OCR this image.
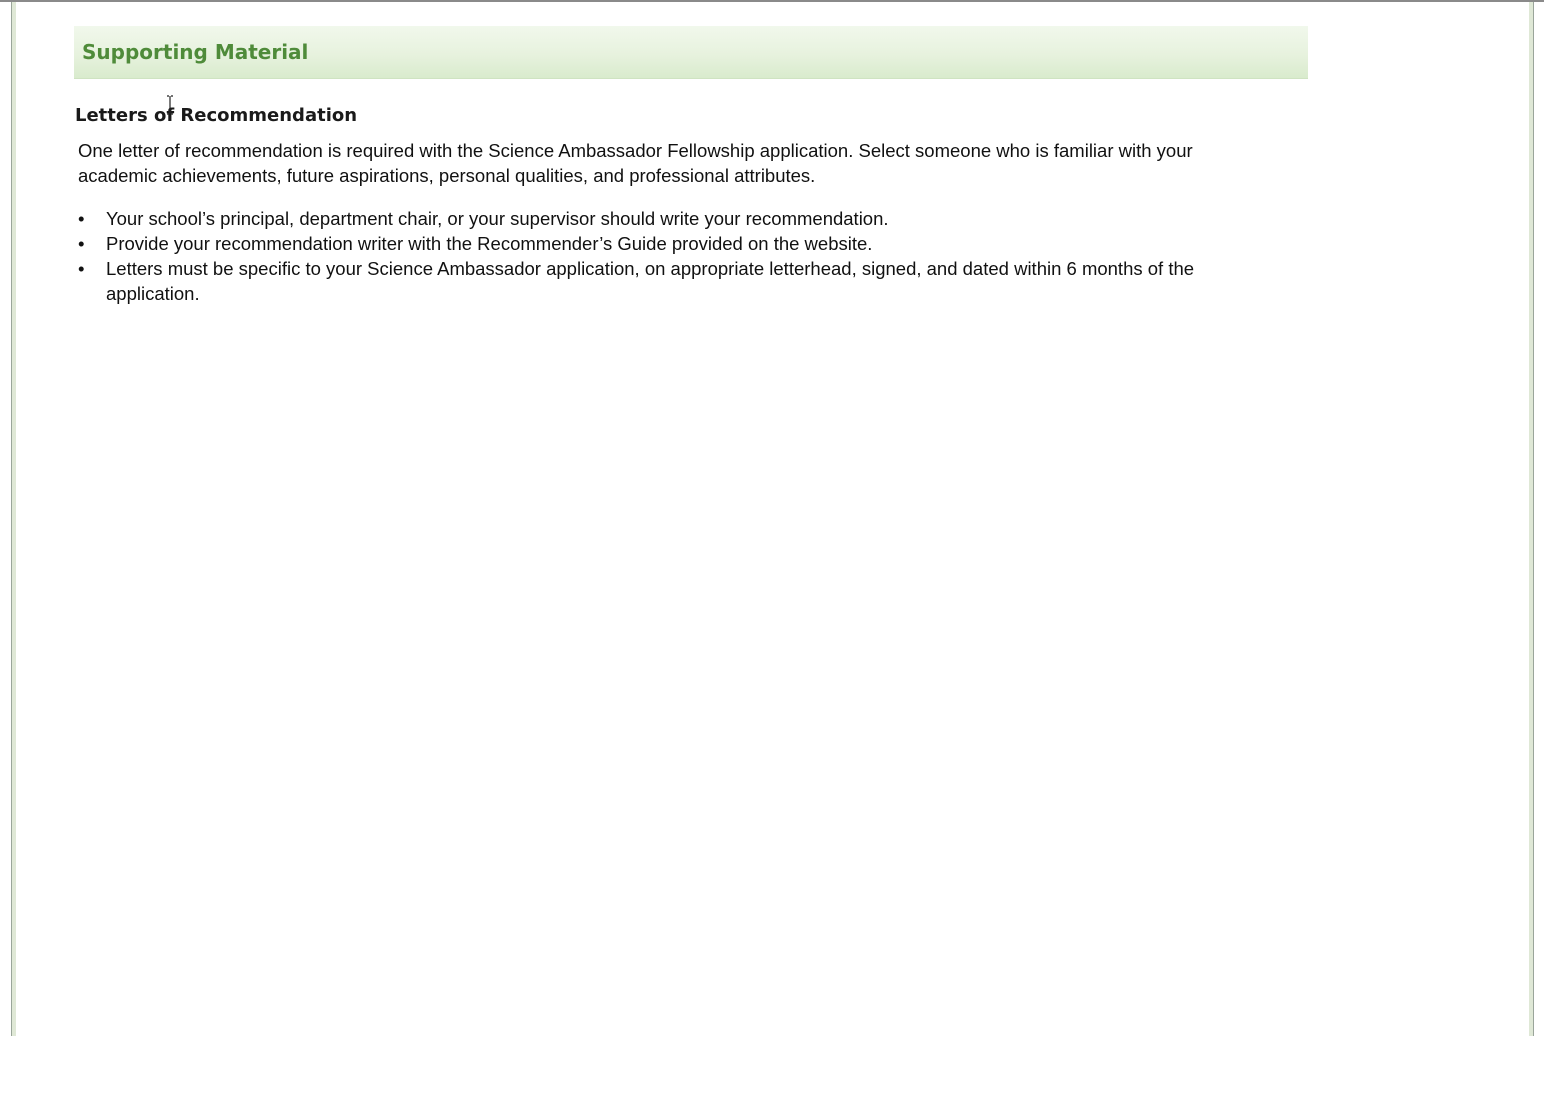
Supporting Material
Letters of Recommendation

One letter of recommendation is required with the Science Ambassador Fellowship application. Select someone who is familiar with your academic achievements, future aspirations, personal qualities, and professional attributes.

• Your school’s principal, department chair, or your supervisor should write your recommendation.
• Provide your recommendation writer with the Recommender’s Guide provided on the website.
• Letters must be specific to your Science Ambassador application, on appropriate letterhead, signed, and dated within 6 months of the application.
